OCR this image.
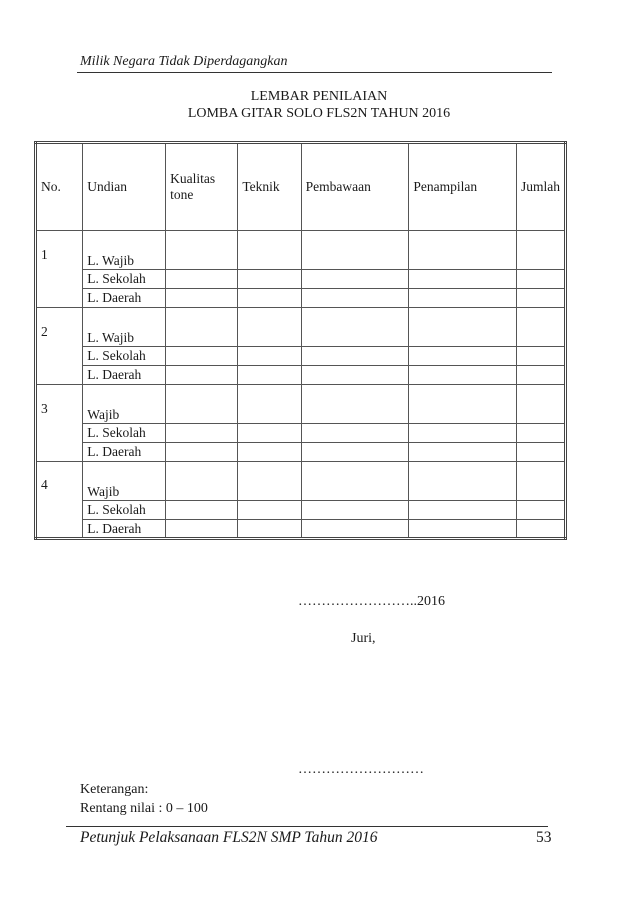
Milik Negara Tidak Diperdagangkan
LEMBAR PENILAIAN
LOMBA GITAR SOLO FLS2N TAHUN 2016
No.	Undian	Kualitas tone	Teknik	Pembawaan	Penampilan	Jumlah

1	L. Wajib					
	L. Sekolah					
	L. Daerah					

2	L. Wajib					
	L. Sekolah					
	L. Daerah					

3	Wajib					
	L. Sekolah					
	L. Daerah					

4	Wajib					
	L. Sekolah					
	L. Daerah					
……………………..2016
Juri,
………………………
Keterangan:
Rentang nilai : 0 – 100
Petunjuk Pelaksanaan FLS2N SMP Tahun 2016	53
